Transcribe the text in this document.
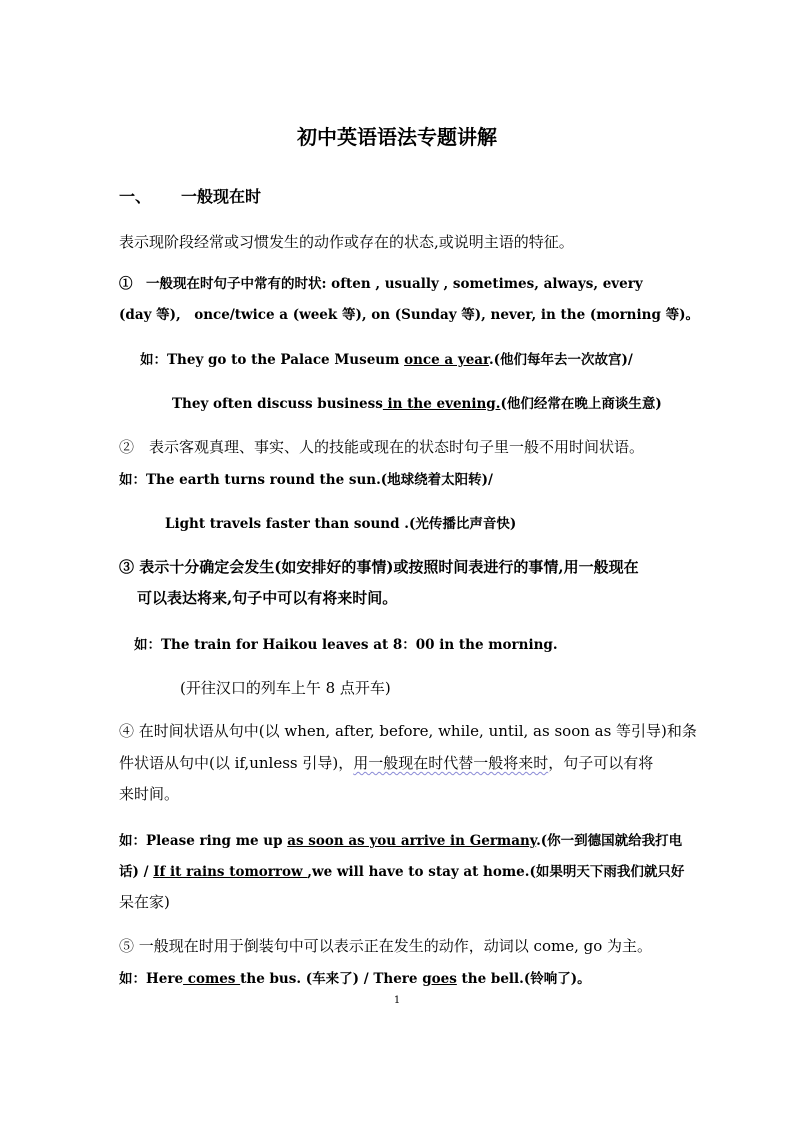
初中英语语法专题讲解
一、 一般现在时
表示现阶段经常或习惯发生的动作或存在的状态,或说明主语的特征。
①　一般现在时句子中常有的时状: often , usually , sometimes, always, every
(day 等),　once/twice a (week 等), on (Sunday 等), never, in the (morning 等)。
如：They go to the Palace Museum once a year.(他们每年去一次故宫)/
They often discuss business in the evening.(他们经常在晚上商谈生意)
②　表示客观真理、事实、人的技能或现在的状态时句子里一般不用时间状语。
如：The earth turns round the sun.(地球绕着太阳转)/
Light travels faster than sound .(光传播比声音快)
③ 表示十分确定会发生(如安排好的事情)或按照时间表进行的事情,用一般现在
可以表达将来,句子中可以有将来时间。
如：The train for Haikou leaves at 8：00 in the morning.
(开往汉口的列车上午 8 点开车)
④ 在时间状语从句中(以 when, after, before, while, until, as soon as 等引导)和条
件状语从句中(以 if,unless 引导)，用一般现在时代替一般将来时，句子可以有将
来时间。
如：Please ring me up as soon as you arrive in Germany.(你一到德国就给我打电
话) / If it rains tomorrow ,we will have to stay at home.(如果明天下雨我们就只好
呆在家)
⑤ 一般现在时用于倒装句中可以表示正在发生的动作，动词以 come, go 为主。
如：Here comes the bus. (车来了) / There goes the bell.(铃响了)。
1
